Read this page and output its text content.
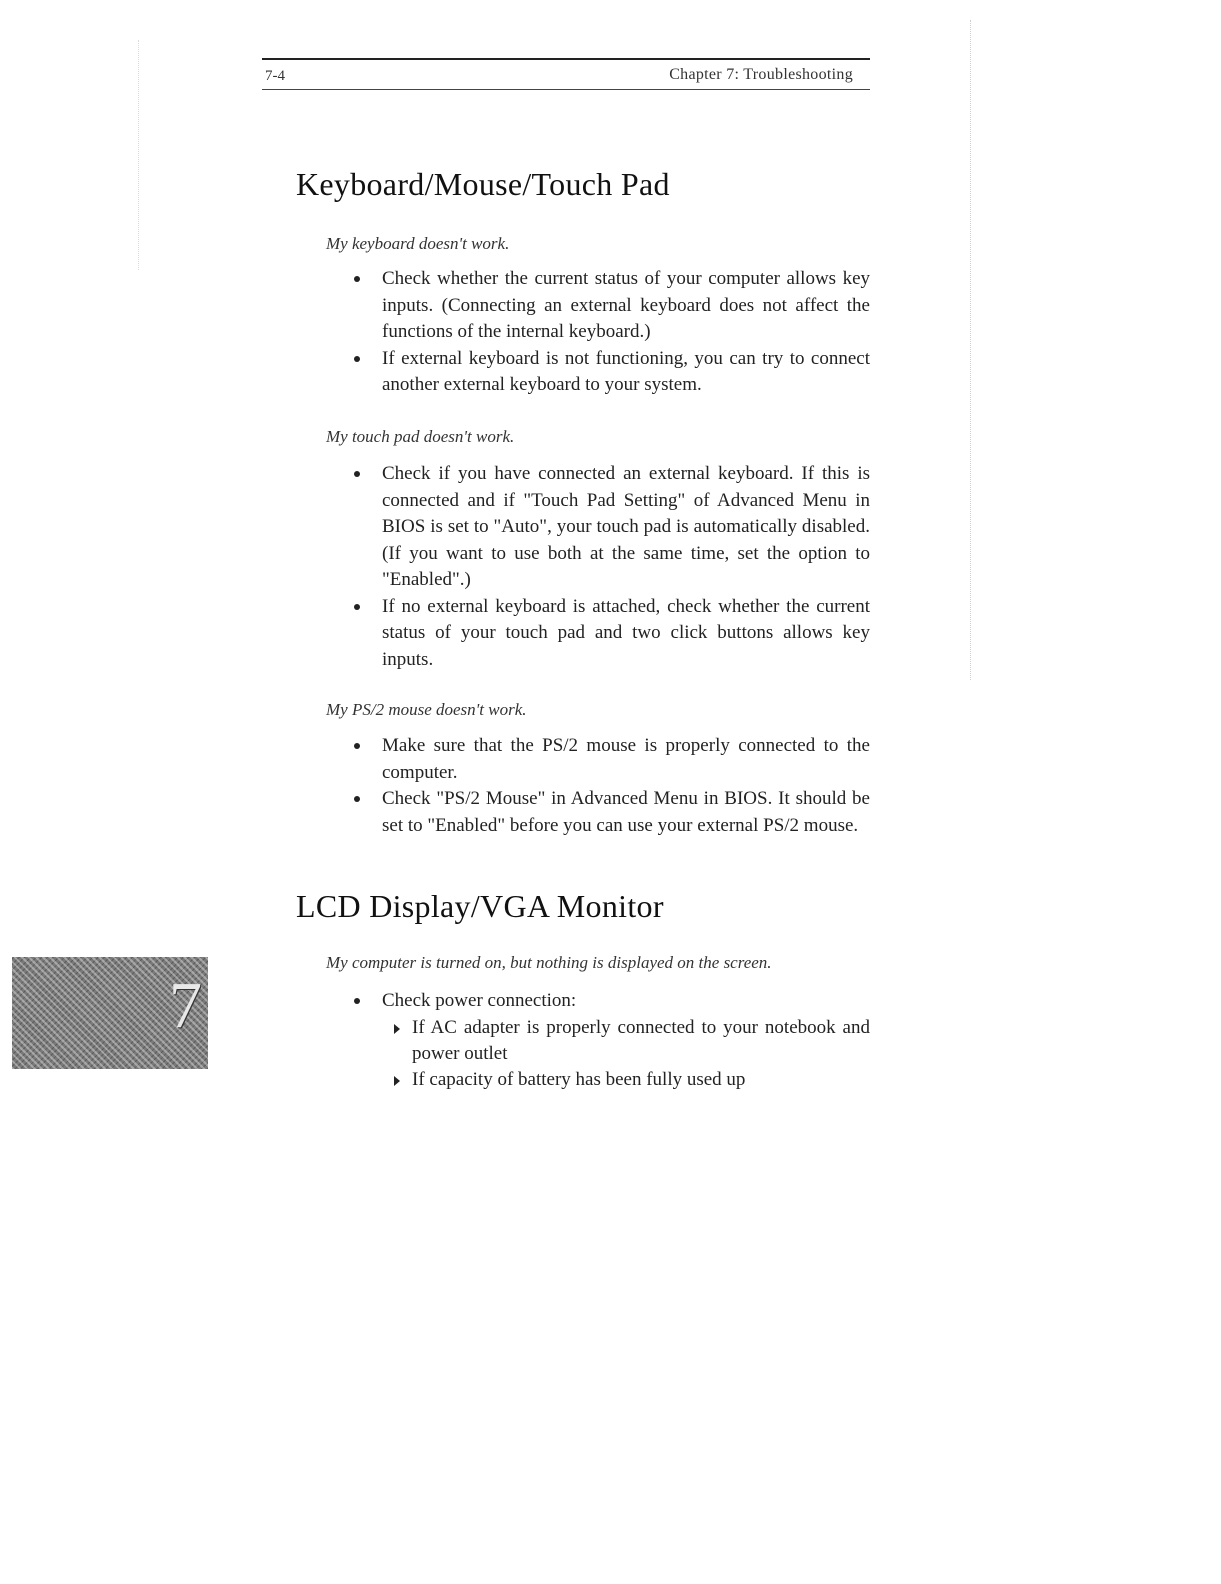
7-4	Chapter 7: Troubleshooting
Keyboard/Mouse/Touch Pad
My keyboard doesn't work.
Check whether the current status of your computer allows key inputs. (Connecting an external keyboard does not affect the functions of the internal keyboard.)
If external keyboard is not functioning, you can try to connect another external keyboard to your system.
My touch pad doesn't work.
Check if you have connected an external keyboard. If this is connected and if "Touch Pad Setting" of Advanced Menu in BIOS is set to "Auto", your touch pad is automatically disabled. (If you want to use both at the same time, set the option to "Enabled".)
If no external keyboard is attached, check whether the current status of your touch pad and two click buttons allows key inputs.
My PS/2 mouse doesn't work.
Make sure that the PS/2 mouse is properly connected to the computer.
Check "PS/2 Mouse" in Advanced Menu in BIOS. It should be set to "Enabled" before you can use your external PS/2 mouse.
LCD Display/VGA Monitor
My computer is turned on, but nothing is displayed on the screen.
Check power connection:
If AC adapter is properly connected to your notebook and power outlet
If capacity of battery has been fully used up
7
